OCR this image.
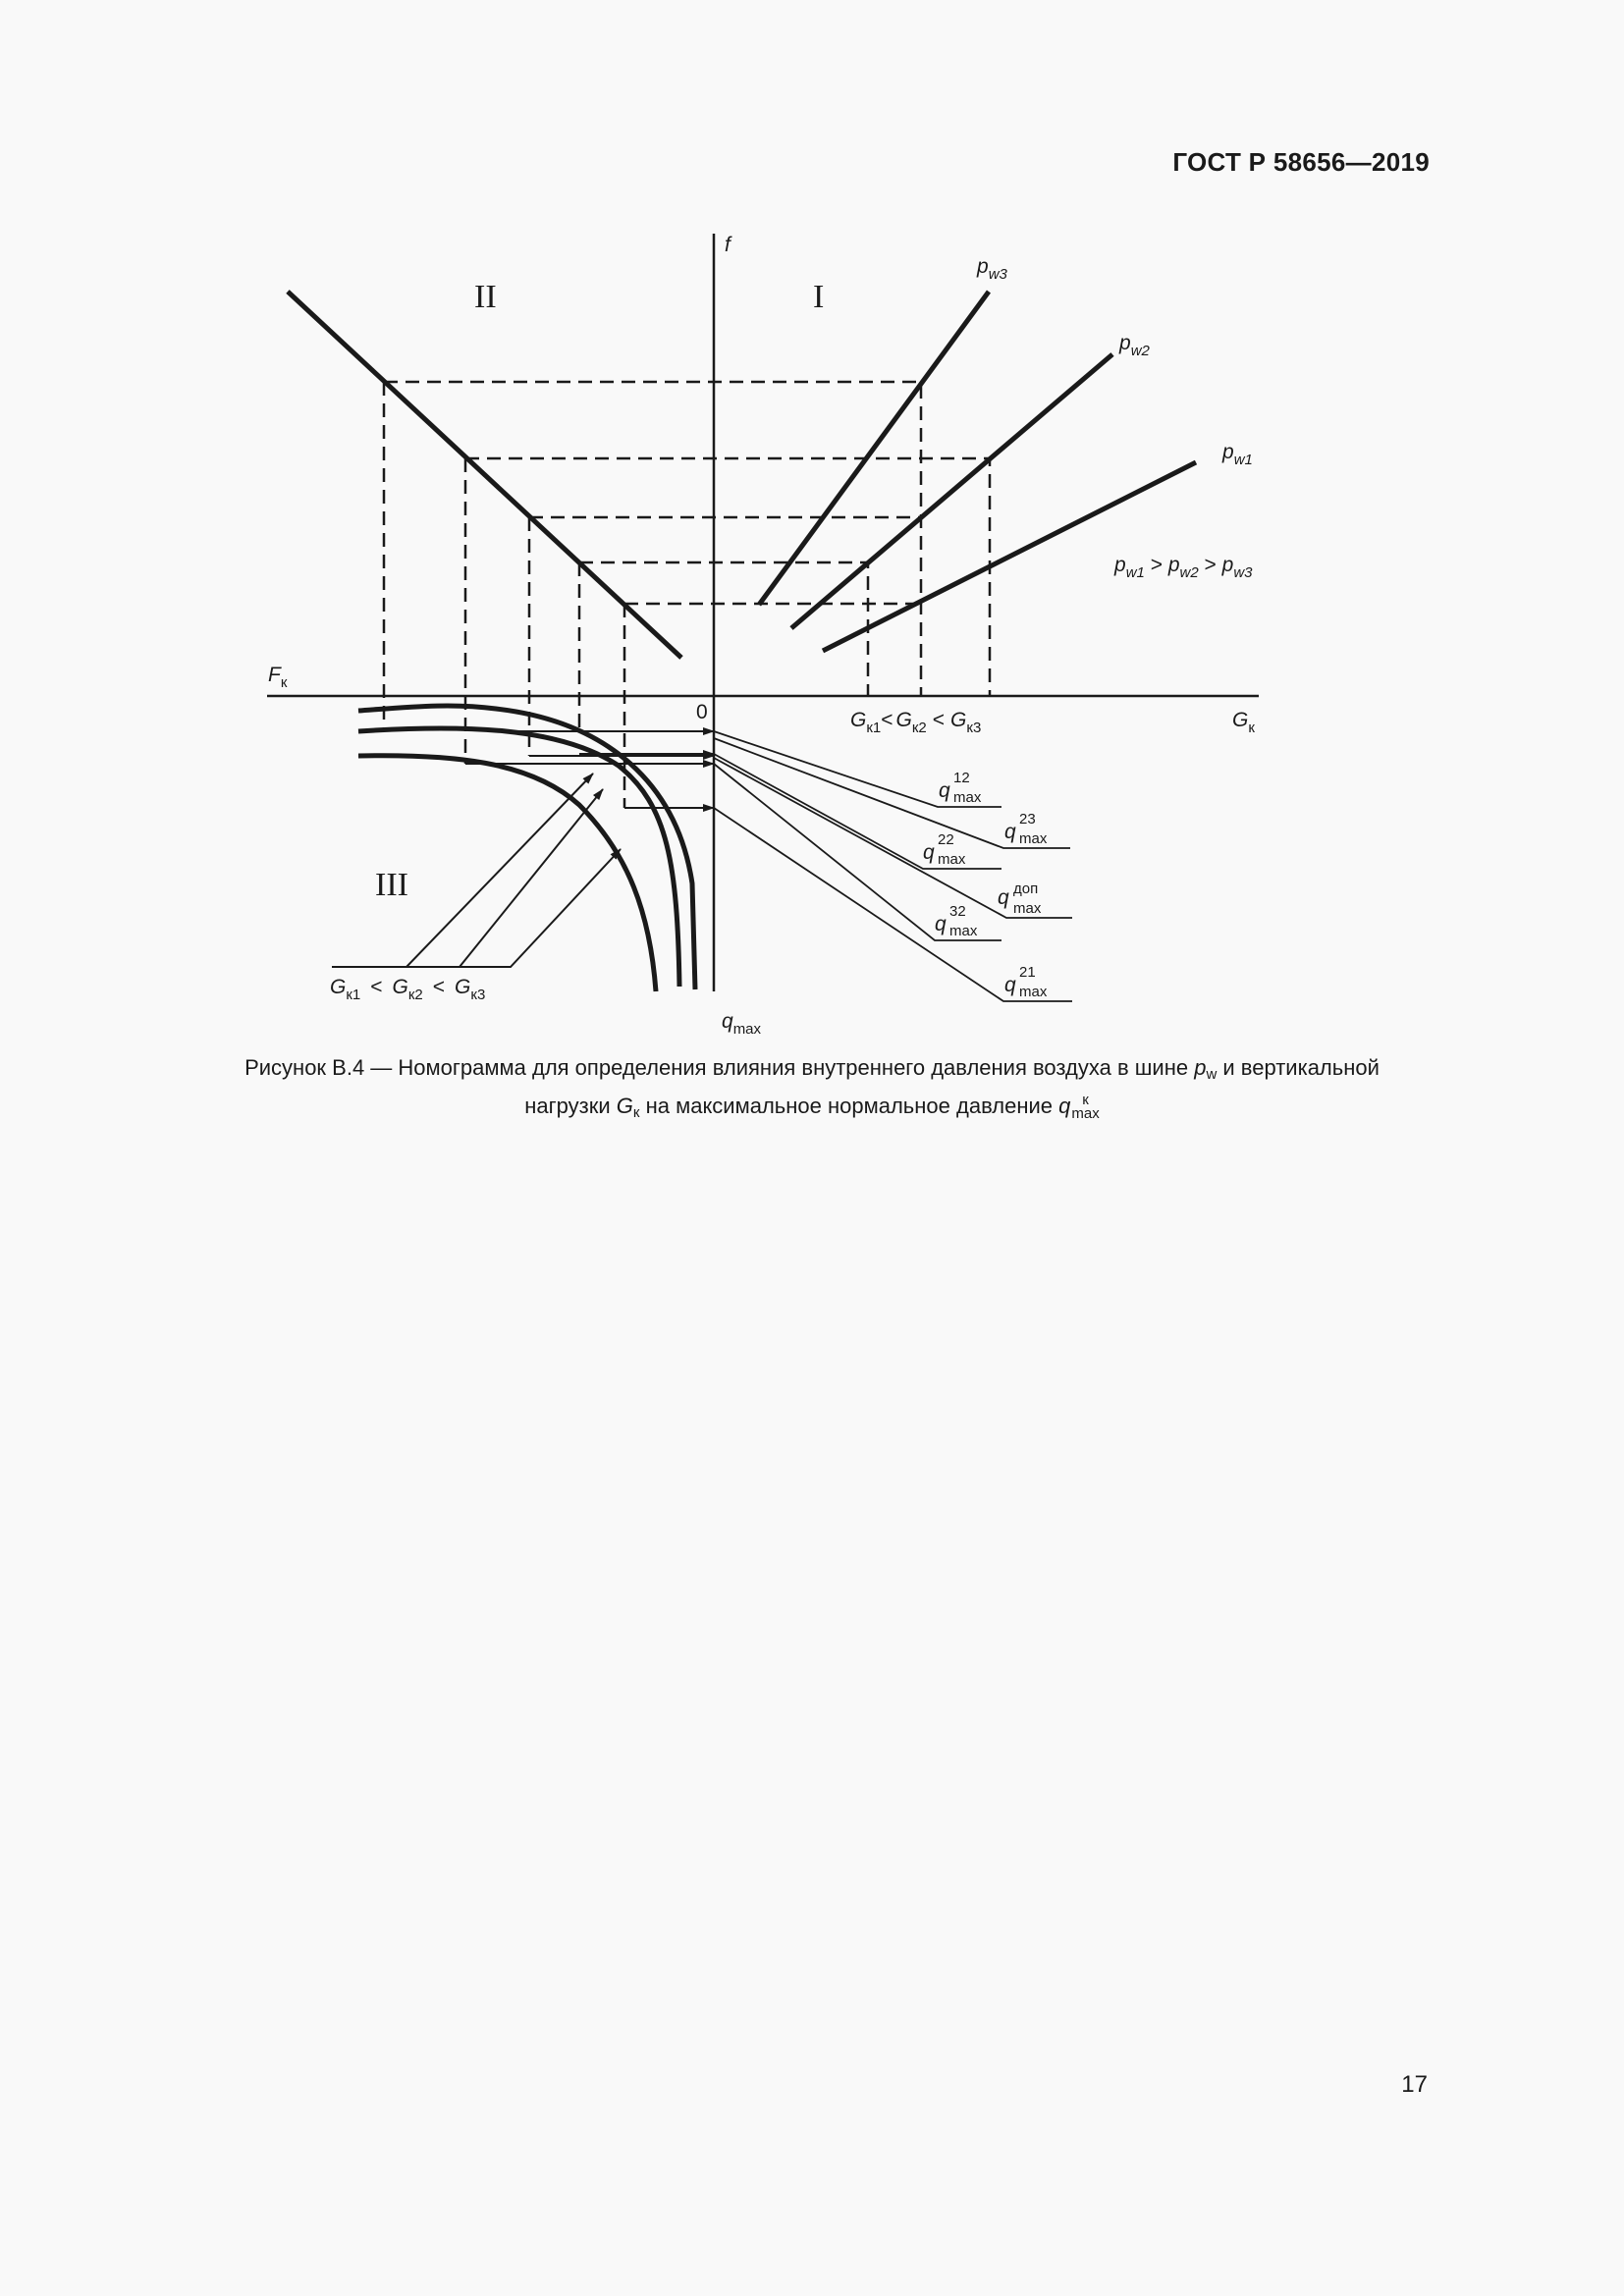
ГОСТ Р 58656—2019
II	I
III
f
$F_к$
$G_к$
0
$q_{max}$
$p_{w3}$
$p_{w2}$
$p_{w1}$
$p_{w1} > p_{w2} > p_{w3}$
$G_{к1}< G_{к2} < G_{к3}$
$G_{к1} < G_{к2} < G_{к3}$
q
12
max
q
23
max
q
22
max
q доп
max
q
32
max
q
21
max
Рисунок В.4 — Номограмма для определения влияния внутреннего давления воздуха в шине pw и вертикальной
нагрузки Gк на максимальное нормальное давление q к
max
17
